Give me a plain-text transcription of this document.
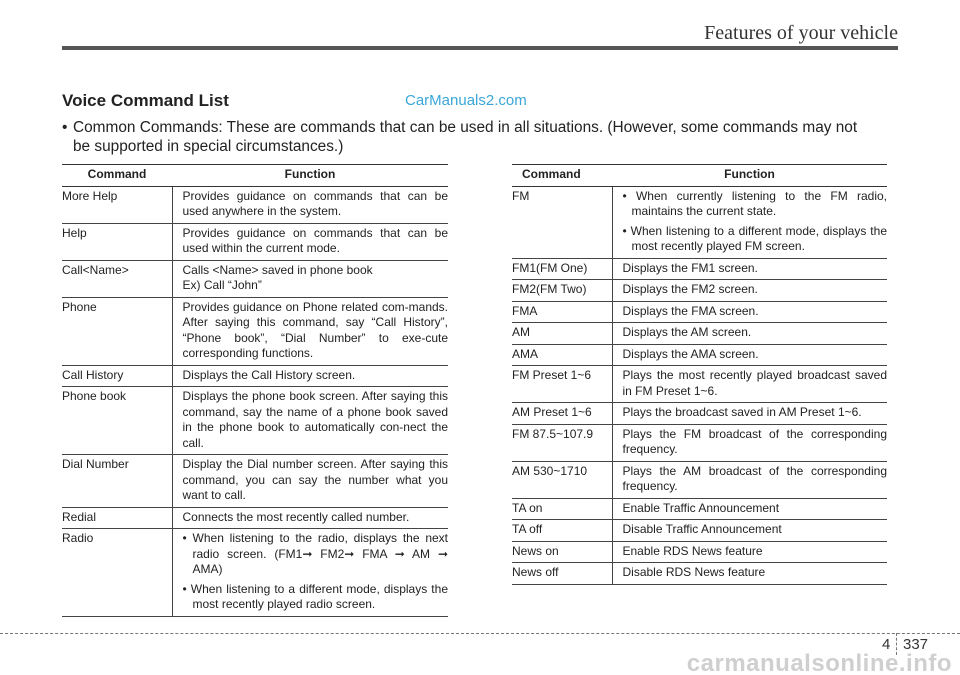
Features of your vehicle
Voice Command List	CarManuals2.com
• Common Commands: These are commands that can be used in all situations. (However, some commands may not
be supported in special circumstances.)
Command	Function
More Help	Provides guidance on commands that can be used anywhere in the system.
Help	Provides guidance on commands that can be used within the current mode.
Call<Name>	Calls <Name> saved in phone book
Ex) Call “John”

Phone	Provides guidance on Phone related com-mands. After saying this command, say “Call History”, “Phone book”, “Dial Number” to exe-cute corresponding functions.
Call History	Displays the Call History screen.
Phone book	Displays the phone book screen. After saying this command, say the name of a phone book saved in the phone book to automatically con-nect the call.
Dial Number	Display the Dial number screen. After saying this command, you can say the number what you want to call.
Redial	Connects the most recently called number.
Radio	• When listening to the radio, displays the next radio screen. (FM1➞ FM2➞ FMA ➞ AM ➞ AMA)
• When listening to a different mode, displays the most recently played radio screen.
Command	Function
FM	• When currently listening to the FM radio, maintains the current state.
• When listening to a different mode, displays the most recently played FM screen.

FM1(FM One)	Displays the FM1 screen.
FM2(FM Two)	Displays the FM2 screen.
FMA	Displays the FMA screen.
AM	Displays the AM screen.
AMA	Displays the AMA screen.
FM Preset 1~6	Plays the most recently played broadcast saved in FM Preset 1~6.
AM Preset 1~6	Plays the broadcast saved in AM Preset 1~6.
FM 87.5~107.9	Plays the FM broadcast of the corresponding frequency.
AM 530~1710	Plays the AM broadcast of the corresponding frequency.
TA on	Enable Traffic Announcement
TA off	Disable Traffic Announcement
News on	Enable RDS News feature
News off	Disable RDS News feature
4 337
carmanualsonline.info
